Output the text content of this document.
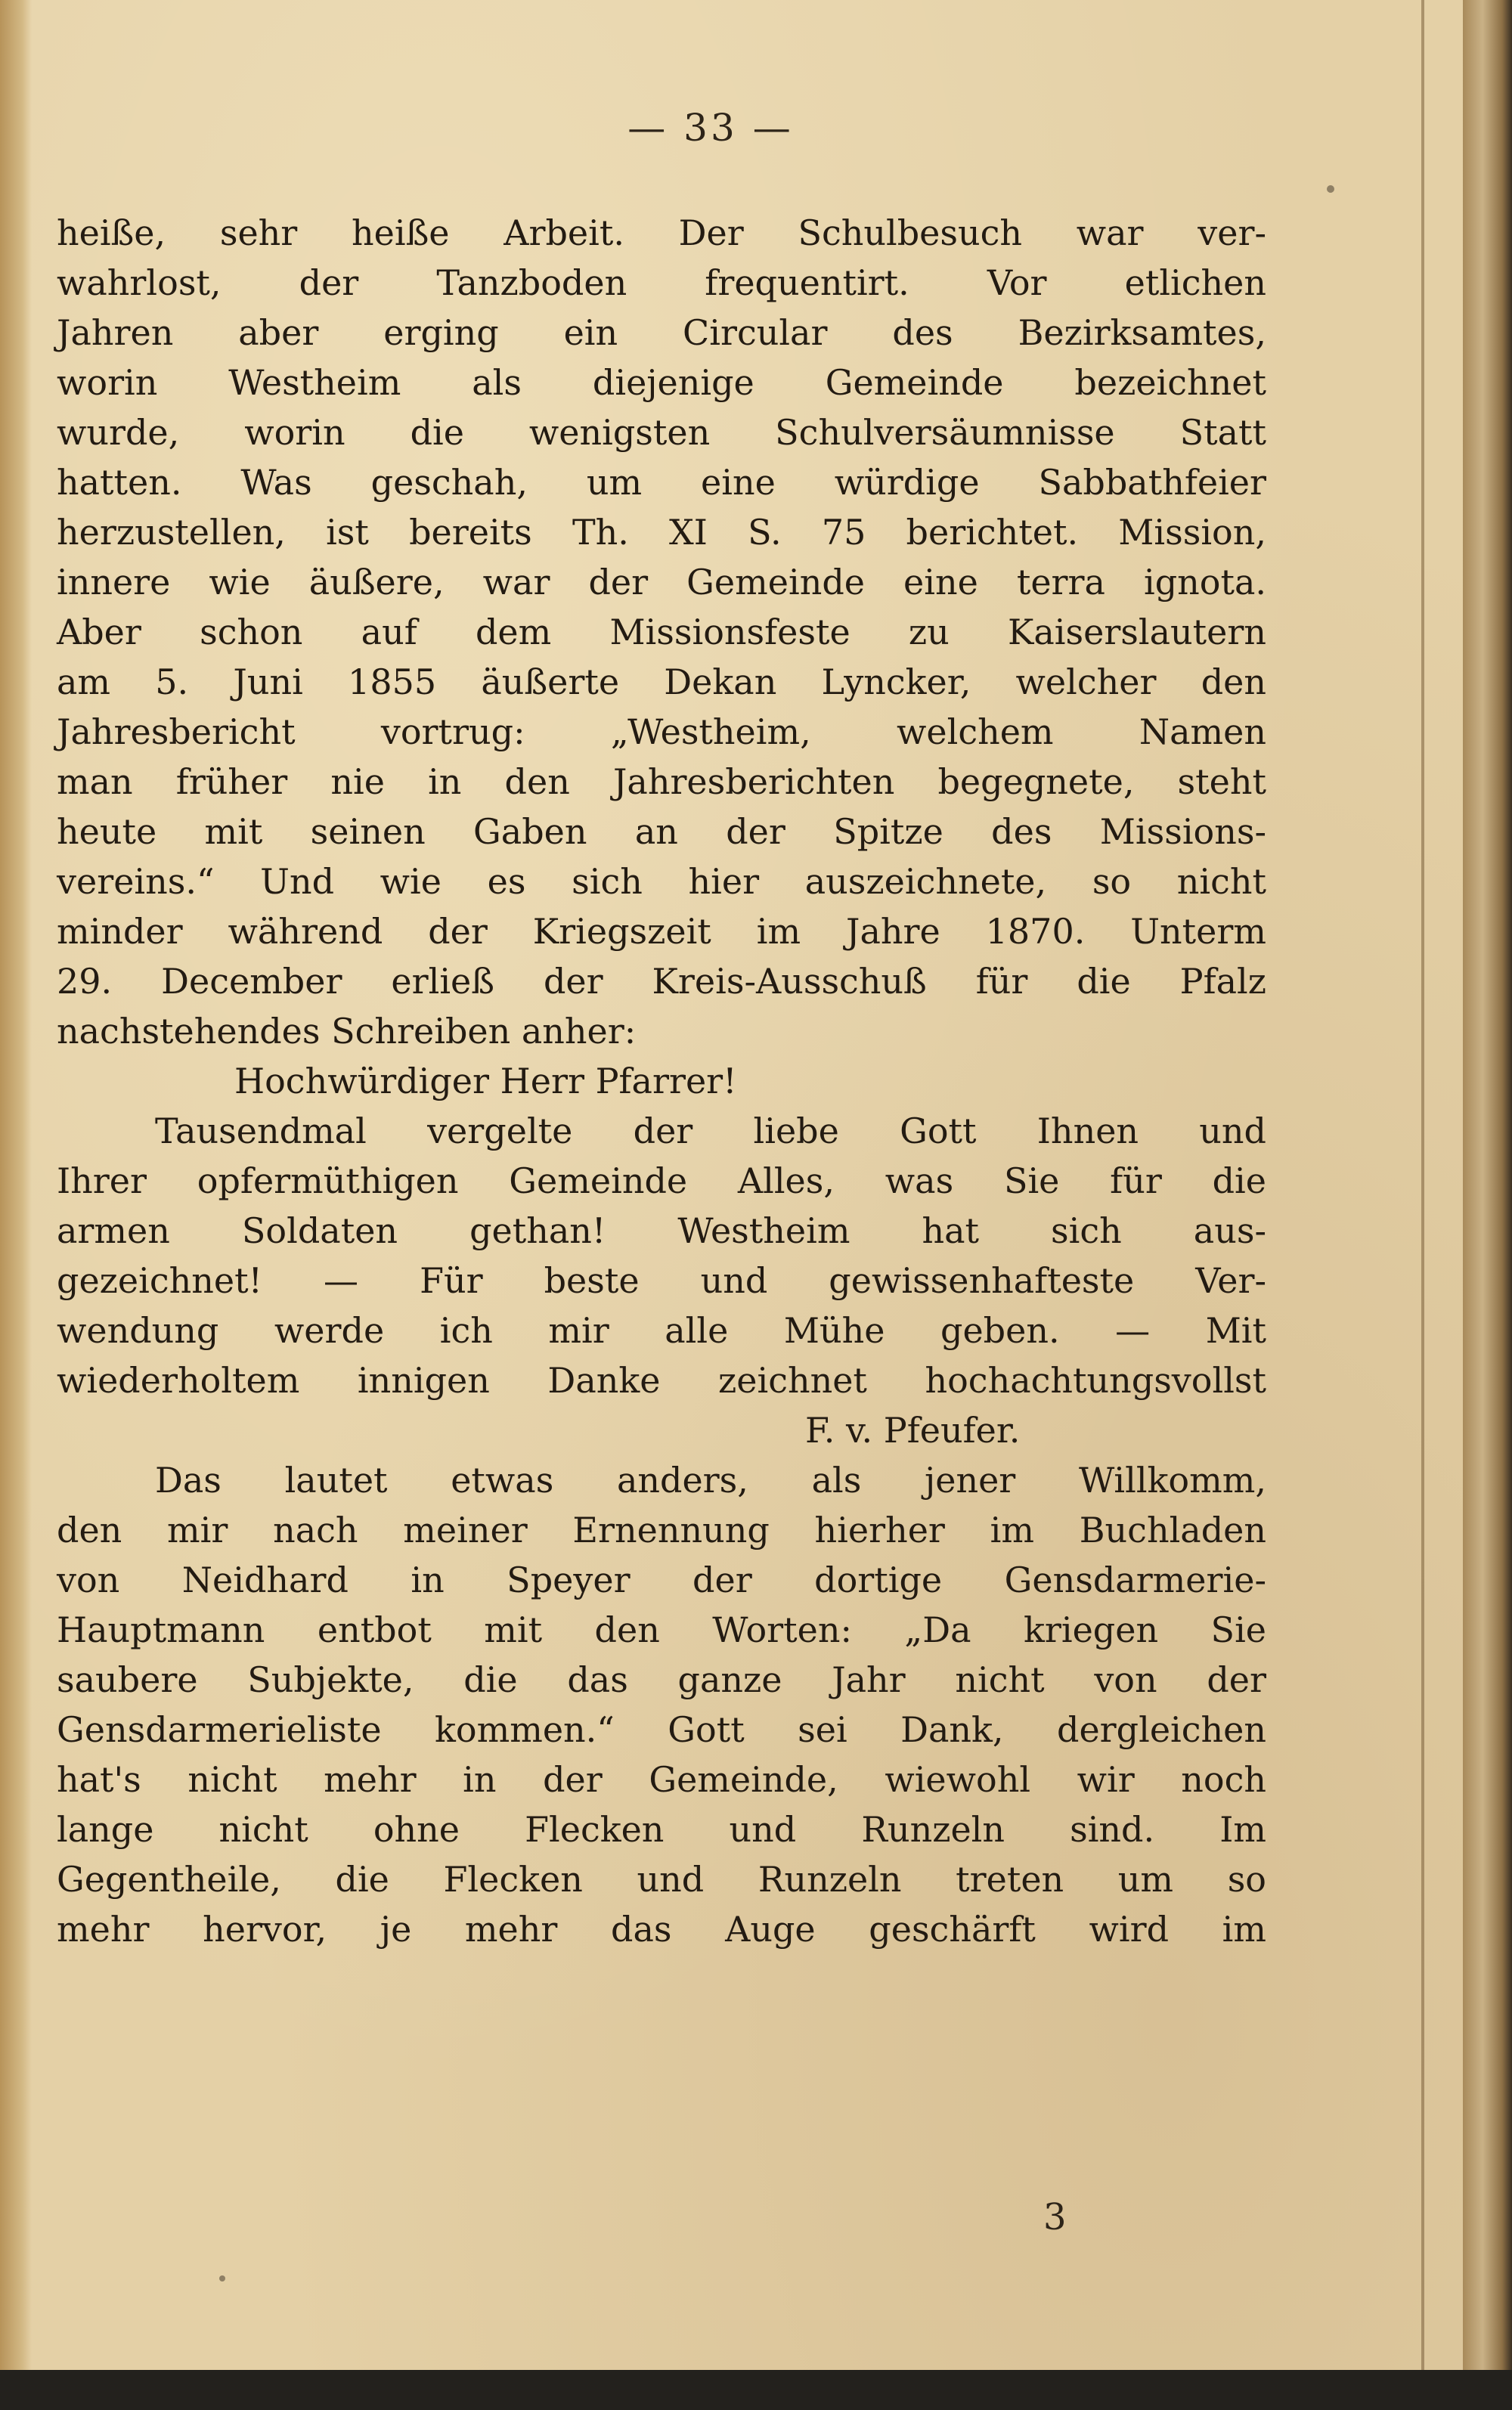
— 33 —
heiße, sehr heiße Arbeit. Der Schulbesuch war ver-
wahrlost, der Tanzboden frequentirt. Vor etlichen
Jahren aber erging ein Circular des Bezirksamtes,
worin Westheim als diejenige Gemeinde bezeichnet
wurde, worin die wenigsten Schulversäumnisse Statt
hatten. Was geschah, um eine würdige Sabbathfeier
herzustellen, ist bereits Th. XI S. 75 berichtet. Mission,
innere wie äußere, war der Gemeinde eine terra ignota.
Aber schon auf dem Missionsfeste zu Kaiserslautern
am 5. Juni 1855 äußerte Dekan Lyncker, welcher den
Jahresbericht vortrug: „Westheim, welchem Namen
man früher nie in den Jahresberichten begegnete, steht
heute mit seinen Gaben an der Spitze des Missions-
vereins.“ Und wie es sich hier auszeichnete, so nicht
minder während der Kriegszeit im Jahre 1870. Unterm
29. December erließ der Kreis-Ausschuß für die Pfalz
nachstehendes Schreiben anher:
Hochwürdiger Herr Pfarrer!
Tausendmal vergelte der liebe Gott Ihnen und
Ihrer opfermüthigen Gemeinde Alles, was Sie für die
armen Soldaten gethan! Westheim hat sich aus-
gezeichnet! — Für beste und gewissenhafteste Ver-
wendung werde ich mir alle Mühe geben. — Mit
wiederholtem innigen Danke zeichnet hochachtungsvollst
F. v. Pfeufer.
Das lautet etwas anders, als jener Willkomm,
den mir nach meiner Ernennung hierher im Buchladen
von Neidhard in Speyer der dortige Gensdarmerie-
Hauptmann entbot mit den Worten: „Da kriegen Sie
saubere Subjekte, die das ganze Jahr nicht von der
Gensdarmerieliste kommen.“ Gott sei Dank, dergleichen
hat's nicht mehr in der Gemeinde, wiewohl wir noch
lange nicht ohne Flecken und Runzeln sind. Im
Gegentheile, die Flecken und Runzeln treten um so
mehr hervor, je mehr das Auge geschärft wird im
3
